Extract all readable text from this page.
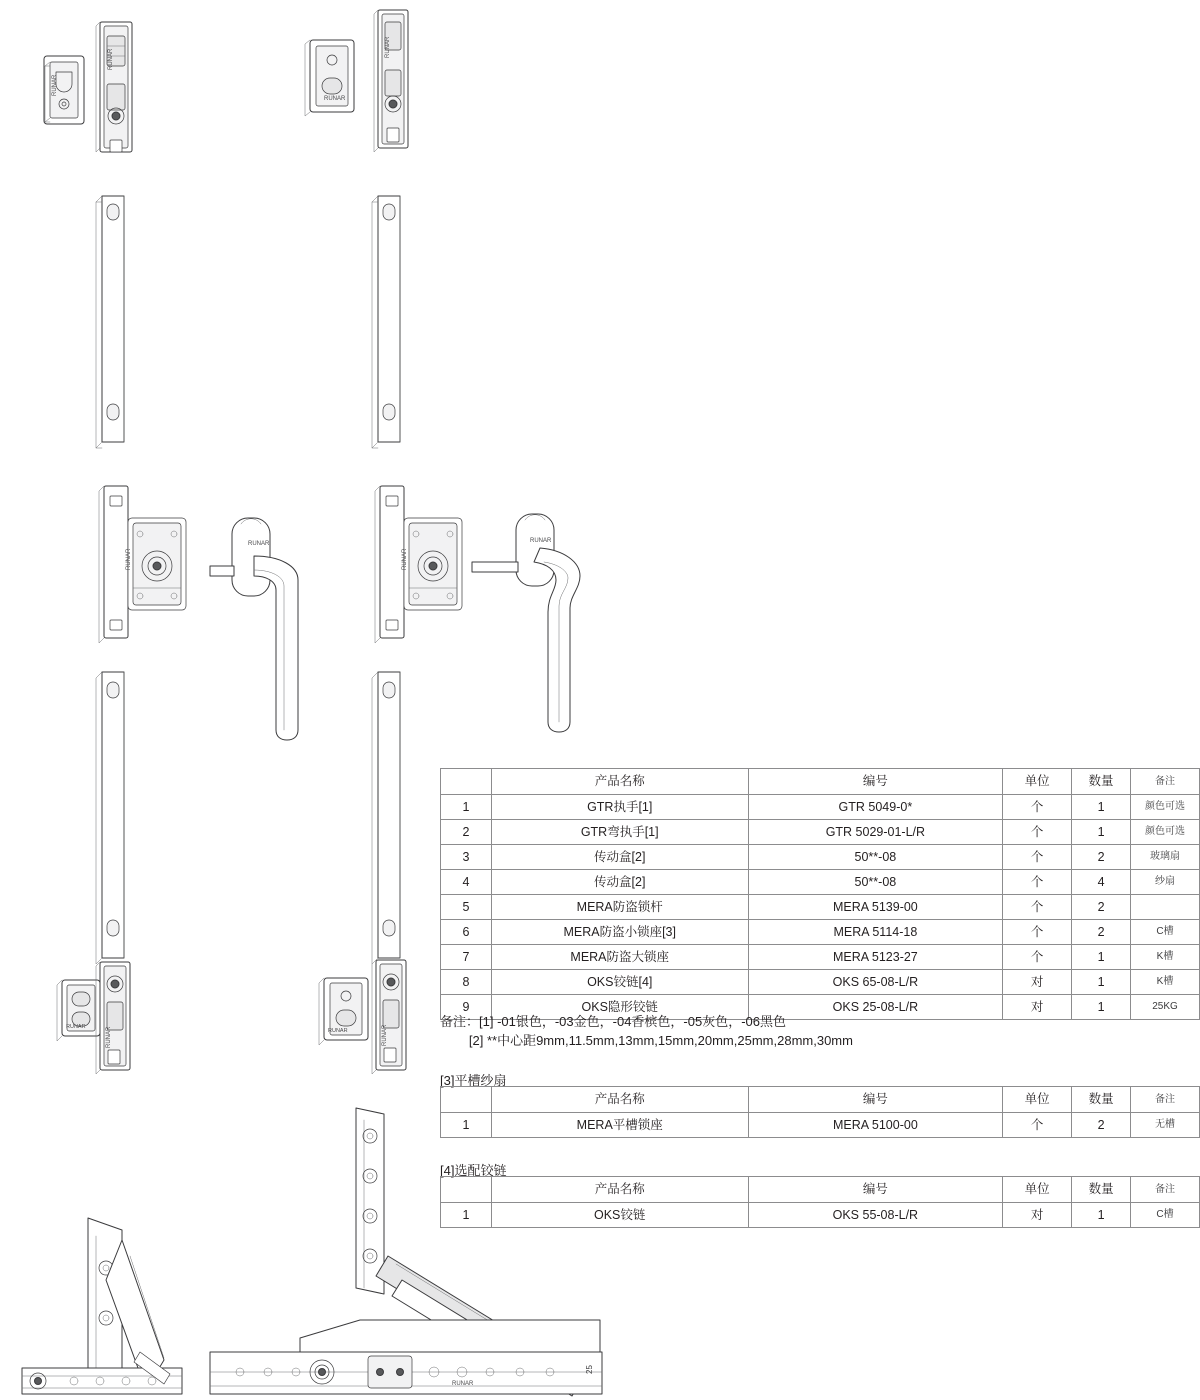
RUNAR
RUNAR
RUNAR
RUNAR
RUNAR
RUNAR
RUNAR
RUNAR
RUNAR	RUNAR	RUNAR	RUNAR
RUNAR
25
	产品名称	编号	单位	数量	备注
1	GTR执手[1]	GTR 5049-0*	个	1	颜色可选
2	GTR弯执手[1]	GTR 5029-01-L/R	个	1	颜色可选
3	传动盒[2]	50**-08	个	2	玻璃扇
4	传动盒[2]	50**-08	个	4	纱扇
5	MERA防盗锁杆	MERA 5139-00	个	2	
6	MERA防盗小锁座[3]	MERA 5114-18	个	2	C槽
7	MERA防盗大锁座	MERA 5123-27	个	1	K槽
8	OKS铰链[4]	OKS 65-08-L/R	对	1	K槽
9	OKS隐形铰链	OKS 25-08-L/R	对	1	25KG
备注：[1] -01银色，-03金色，-04香槟色，-05灰色，-06黑色
[2] **中心距9mm,11.5mm,13mm,15mm,20mm,25mm,28mm,30mm
[3]平槽纱扇
	产品名称	编号	单位	数量	备注
1	MERA平槽锁座	MERA 5100-00	个	2	无槽
[4]选配铰链
	产品名称	编号	单位	数量	备注
1	OKS铰链	OKS 55-08-L/R	对	1	C槽
